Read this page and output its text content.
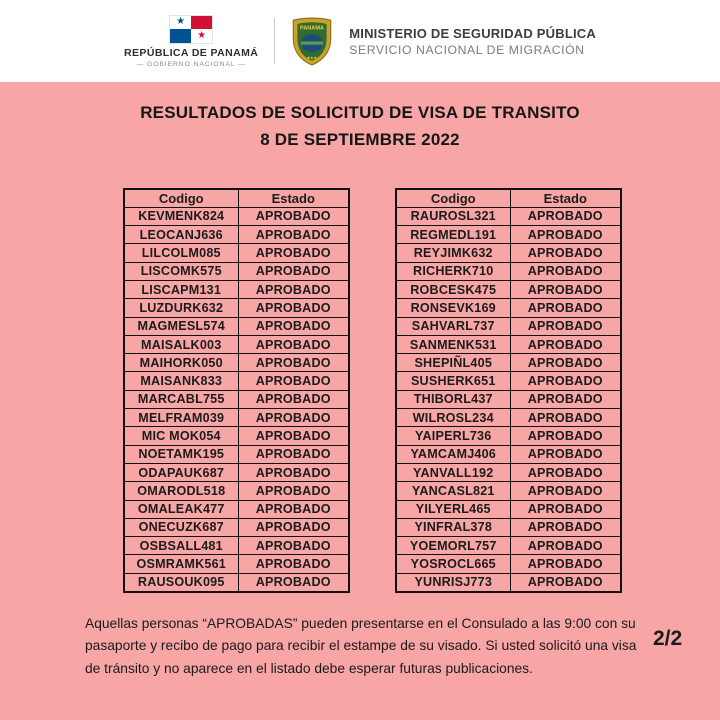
★
★
REPÚBLICA DE PANAMÁ
— GOBIERNO NACIONAL —
PANAMA
★★★
MINISTERIO DE SEGURIDAD PÚBLICA
SERVICIO NACIONAL DE MIGRACIÓN
RESULTADOS DE SOLICITUD DE VISA DE TRANSITO
8 DE SEPTIEMBRE 2022
Codigo	Estado
KEVMENK824	APROBADO
LEOCANJ636	APROBADO
LILCOLM085	APROBADO
LISCOMK575	APROBADO
LISCAPM131	APROBADO
LUZDURK632	APROBADO
MAGMESL574	APROBADO
MAISALK003	APROBADO
MAIHORK050	APROBADO
MAISANK833	APROBADO
MARCABL755	APROBADO
MELFRAM039	APROBADO
MIC MOK054	APROBADO
NOETAMK195	APROBADO
ODAPAUK687	APROBADO
OMARODL518	APROBADO
OMALEAK477	APROBADO
ONECUZK687	APROBADO
OSBSALL481	APROBADO
OSMRAMK561	APROBADO
RAUSOUK095	APROBADO
Codigo	Estado
RAUROSL321	APROBADO
REGMEDL191	APROBADO
REYJIMK632	APROBADO
RICHERK710	APROBADO
ROBCESK475	APROBADO
RONSEVK169	APROBADO
SAHVARL737	APROBADO
SANMENK531	APROBADO
SHEPIÑL405	APROBADO
SUSHERK651	APROBADO
THIBORL437	APROBADO
WILROSL234	APROBADO
YAIPERL736	APROBADO
YAMCAMJ406	APROBADO
YANVALL192	APROBADO
YANCASL821	APROBADO
YILYERL465	APROBADO
YINFRAL378	APROBADO
YOEMORL757	APROBADO
YOSROCL665	APROBADO
YUNRISJ773	APROBADO
Aquellas personas “APROBADAS” pueden presentarse en el Consulado a las 9:00 con su pasaporte y recibo de pago para recibir el estampe de su visado. Si usted solicitó una visa de tránsito y no aparece en el listado debe esperar futuras publicaciones.
2/2
